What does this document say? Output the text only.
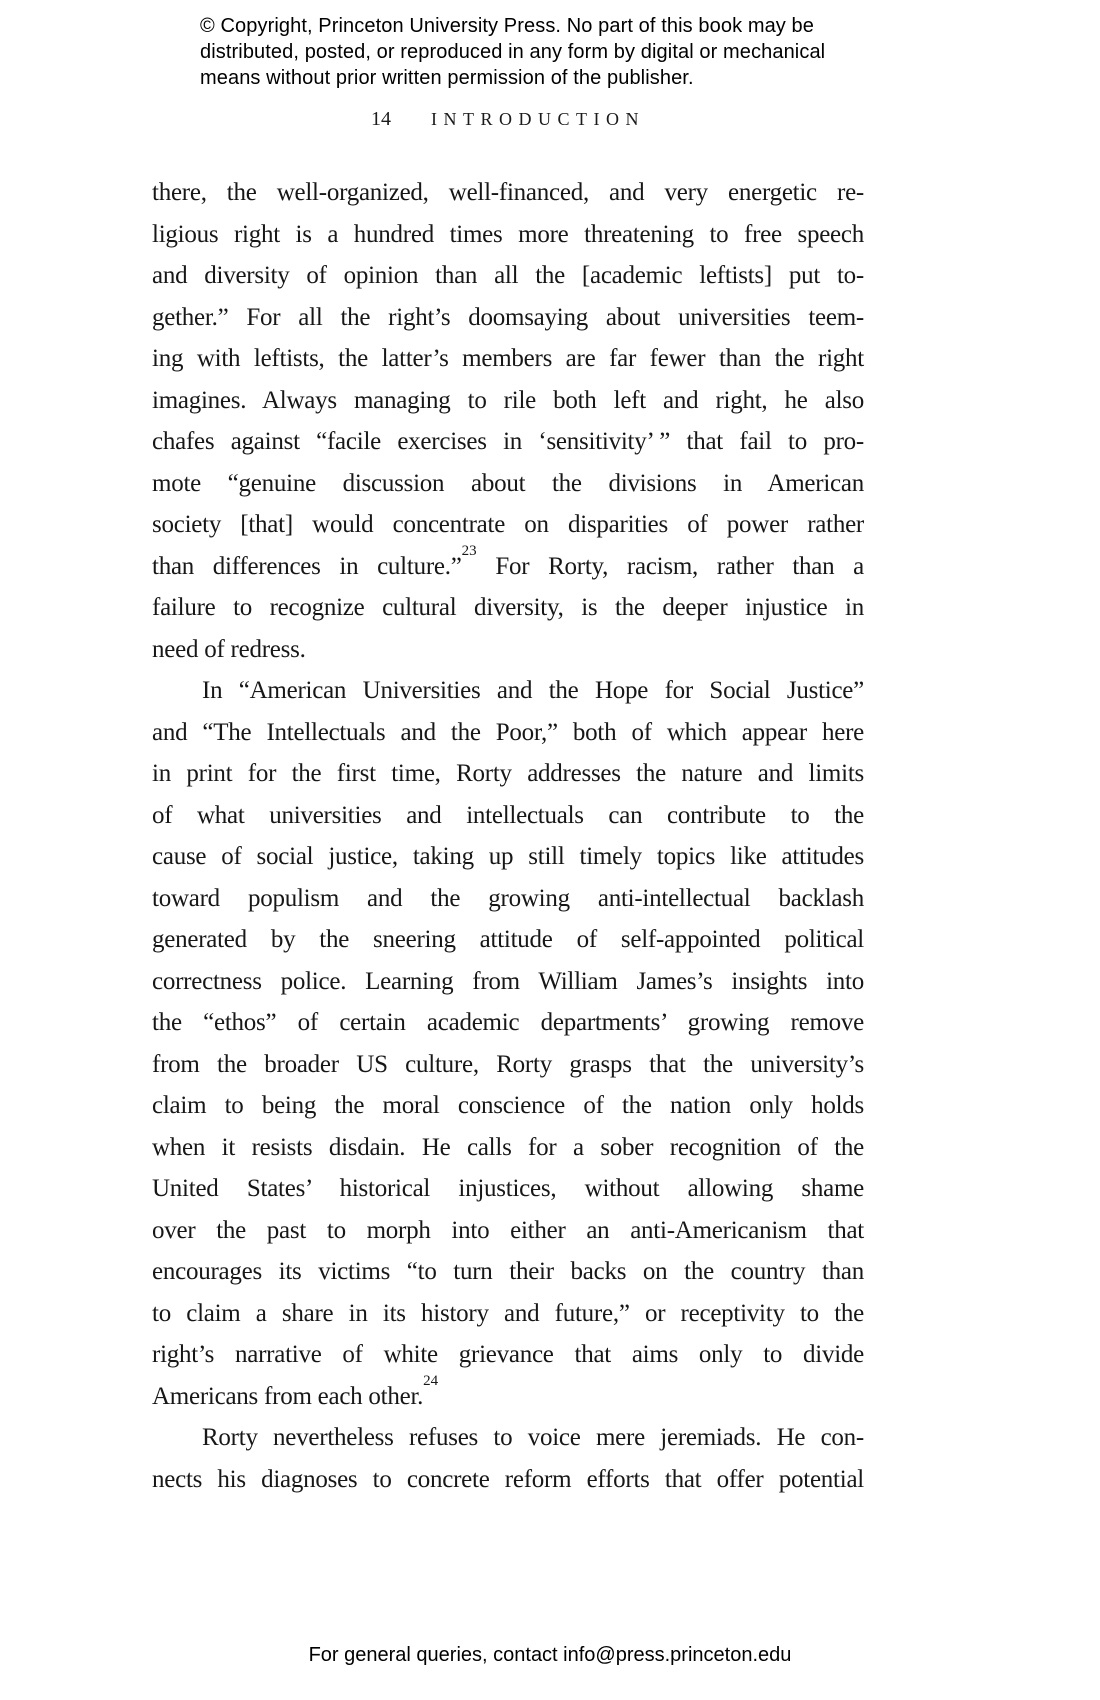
© Copyright, Princeton University Press. No part of this book may be
distributed, posted, or reproduced in any form by digital or mechanical
means without prior written permission of the publisher.
14 INTRODUCTION
there, the well-organized, well-financed, and very energetic re-
ligious right is a hundred times more threatening to free speech
and diversity of opinion than all the [academic leftists] put to-
gether.” For all the right’s doomsaying about universities teem-
ing with leftists, the latter’s members are far fewer than the right
imagines. Always managing to rile both left and right, he also
chafes against “facile exercises in ‘sensitivity’ ” that fail to pro-
mote “genuine discussion about the divisions in American
society [that] would concentrate on disparities of power rather
than differences in culture.”$^{23}$ For Rorty, racism, rather than a
failure to recognize cultural diversity, is the deeper injustice in
need of redress.
In “American Universities and the Hope for Social Justice”
and “The Intellectuals and the Poor,” both of which appear here
in print for the first time, Rorty addresses the nature and limits
of what universities and intellectuals can contribute to the
cause of social justice, taking up still timely topics like attitudes
toward populism and the growing anti-intellectual backlash
generated by the sneering attitude of self-appointed political
correctness police. Learning from William James’s insights into
the “ethos” of certain academic departments’ growing remove
from the broader US culture, Rorty grasps that the university’s
claim to being the moral conscience of the nation only holds
when it resists disdain. He calls for a sober recognition of the
United States’ historical injustices, without allowing shame
over the past to morph into either an anti-Americanism that
encourages its victims “to turn their backs on the country than
to claim a share in its history and future,” or receptivity to the
right’s narrative of white grievance that aims only to divide
Americans from each other.$^{24}$
Rorty nevertheless refuses to voice mere jeremiads. He con-
nects his diagnoses to concrete reform efforts that offer potential
For general queries, contact info@press.princeton.edu
